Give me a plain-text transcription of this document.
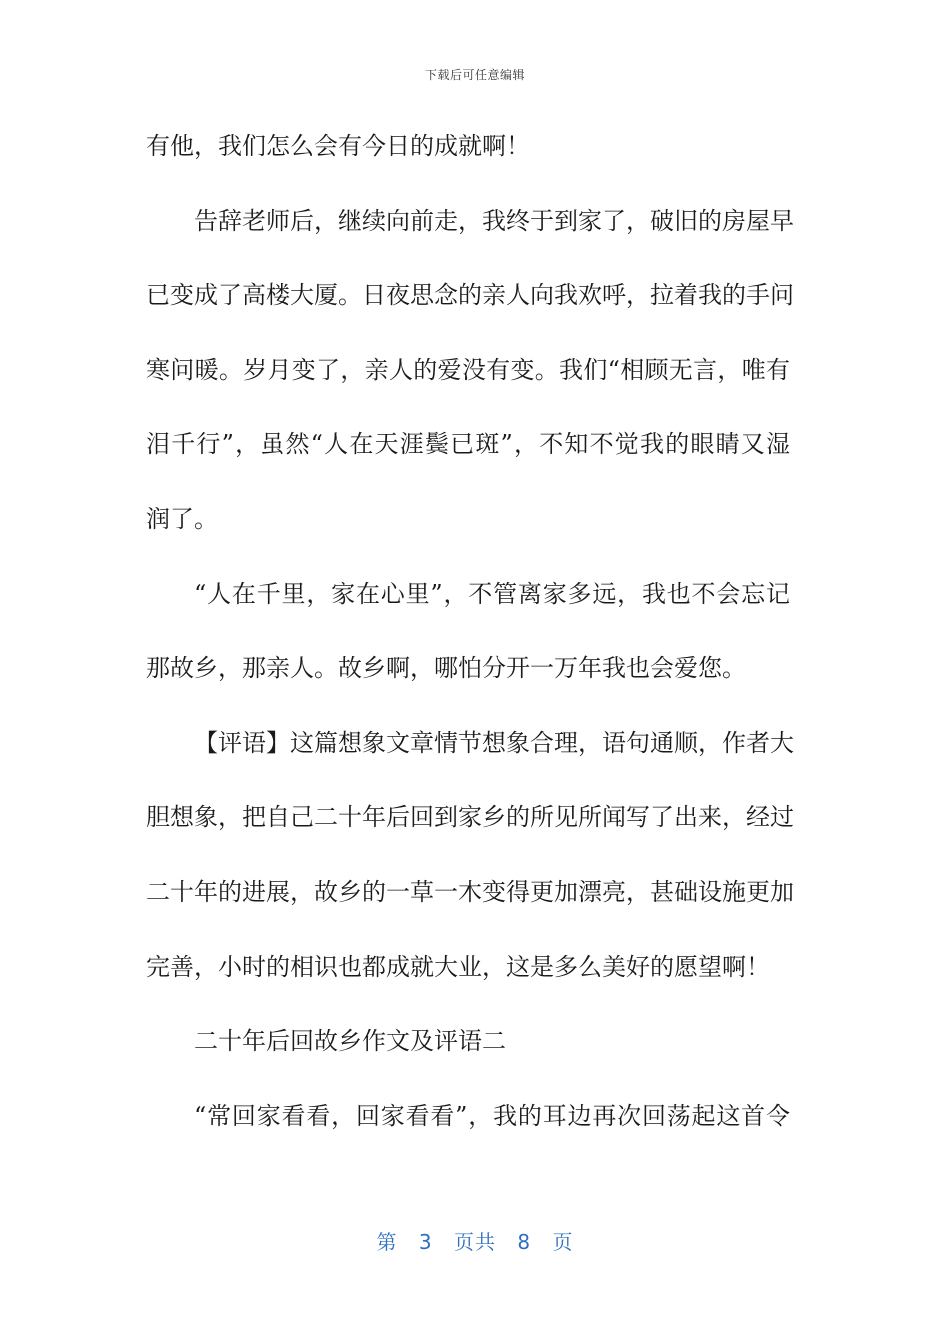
下载后可任意编辑
有他，我们怎么会有今日的成就啊！
告辞老师后，继续向前走，我终于到家了，破旧的房屋早
已变成了高楼大厦。日夜思念的亲人向我欢呼，拉着我的手问
寒问暖。岁月变了，亲人的爱没有变。我们“相顾无言，唯有
泪千行”，虽然“人在天涯鬓已斑”，不知不觉我的眼睛又湿
润了。
“人在千里，家在心里”，不管离家多远，我也不会忘记
那故乡，那亲人。故乡啊，哪怕分开一万年我也会爱您。
【评语】这篇想象文章情节想象合理，语句通顺，作者大
胆想象，把自己二十年后回到家乡的所见所闻写了出来，经过
二十年的进展，故乡的一草一木变得更加漂亮，甚础设施更加
完善，小时的相识也都成就大业，这是多么美好的愿望啊！
二十年后回故乡作文及评语二
“常回家看看，回家看看”，我的耳边再次回荡起这首令
第 3 页共 8 页
